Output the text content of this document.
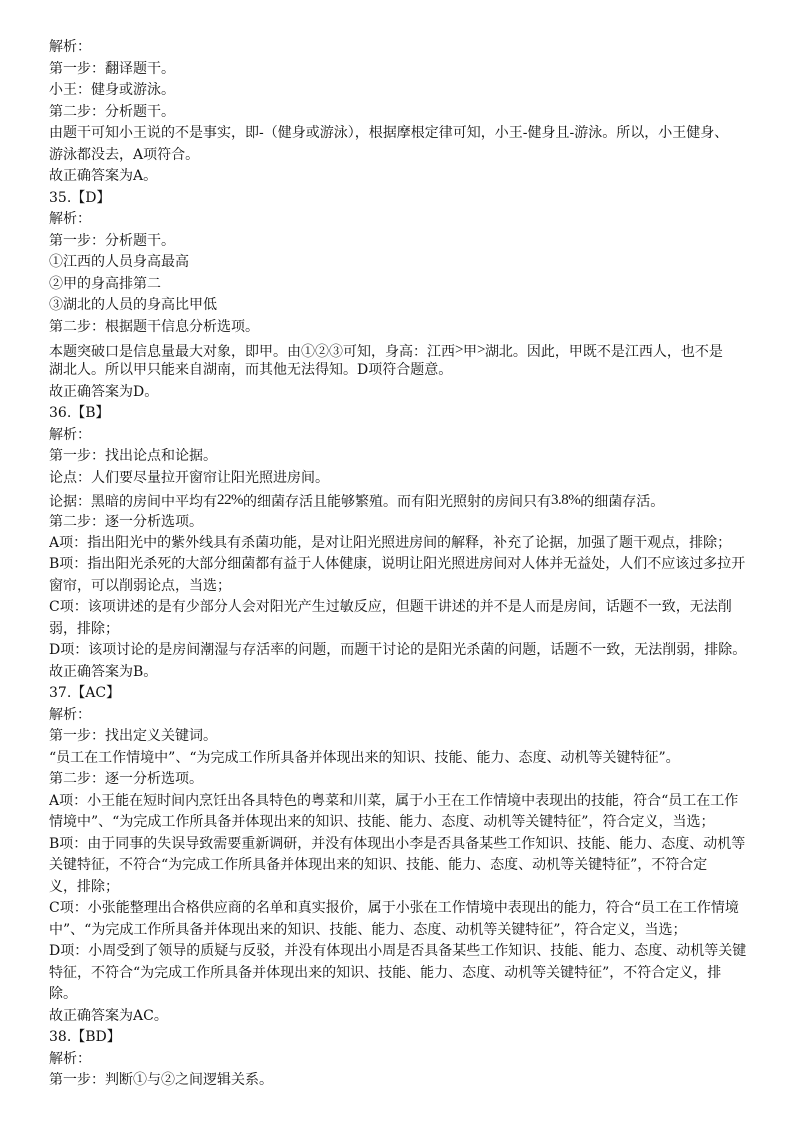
解析：
第一步：翻译题干。
小王：健身或游泳。
第二步：分析题干。
由题干可知小王说的不是事实，即-（健身或游泳），根据摩根定律可知，小王-健身且-游泳。所以，小王健身、
游泳都没去，A项符合。
故正确答案为A。
35.【D】
解析：
第一步：分析题干。
①江西的人员身高最高
②甲的身高排第二
③湖北的人员的身高比甲低
第二步：根据题干信息分析选项。
本题突破口是信息量最大对象，即甲。由①②③可知，身高：江西>甲>湖北。因此，甲既不是江西人，也不是
湖北人。所以甲只能来自湖南，而其他无法得知。D项符合题意。
故正确答案为D。
36.【B】
解析：
第一步：找出论点和论据。
论点：人们要尽量拉开窗帘让阳光照进房间。
论据：黑暗的房间中平均有22%的细菌存活且能够繁殖。而有阳光照射的房间只有3.8%的细菌存活。
第二步：逐一分析选项。
A项：指出阳光中的紫外线具有杀菌功能，是对让阳光照进房间的解释，补充了论据，加强了题干观点，排除；
B项：指出阳光杀死的大部分细菌都有益于人体健康，说明让阳光照进房间对人体并无益处，人们不应该过多拉开
窗帘，可以削弱论点，当选；
C项：该项讲述的是有少部分人会对阳光产生过敏反应，但题干讲述的并不是人而是房间，话题不一致，无法削
弱，排除；
D项：该项讨论的是房间潮湿与存活率的问题，而题干讨论的是阳光杀菌的问题，话题不一致，无法削弱，排除。
故正确答案为B。
37.【AC】
解析：
第一步：找出定义关键词。
“员工在工作情境中”、“为完成工作所具备并体现出来的知识、技能、能力、态度、动机等关键特征”。
第二步：逐一分析选项。
A项：小王能在短时间内烹饪出各具特色的粤菜和川菜，属于小王在工作情境中表现出的技能，符合“员工在工作
情境中”、“为完成工作所具备并体现出来的知识、技能、能力、态度、动机等关键特征”，符合定义，当选；
B项：由于同事的失误导致需要重新调研，并没有体现出小李是否具备某些工作知识、技能、能力、态度、动机等
关键特征，不符合“为完成工作所具备并体现出来的知识、技能、能力、态度、动机等关键特征”，不符合定
义，排除；
C项：小张能整理出合格供应商的名单和真实报价，属于小张在工作情境中表现出的能力，符合“员工在工作情境
中”、“为完成工作所具备并体现出来的知识、技能、能力、态度、动机等关键特征”，符合定义，当选；
D项：小周受到了领导的质疑与反驳，并没有体现出小周是否具备某些工作知识、技能、能力、态度、动机等关键
特征，不符合“为完成工作所具备并体现出来的知识、技能、能力、态度、动机等关键特征”，不符合定义，排
除。
故正确答案为AC。
38.【BD】
解析：
第一步：判断①与②之间逻辑关系。
